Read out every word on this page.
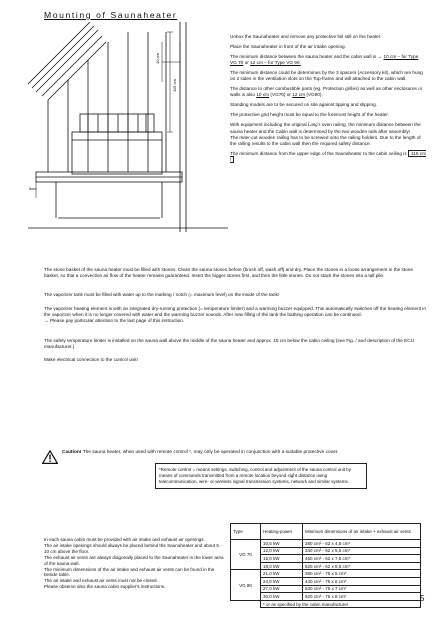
Mounting of Saunaheater
10 cm
115 cm
5cm

Unbox the Saunaheater and remove any protective foil still on the heater.

Place the Saunaheater in front of the air intake opening.

The minimum distance between the sauna heater and the cabin wall is → 10 cm – for Type VG 70 or 12 cm – for Type VG 90.

The minimum distance could be determines by the 3 spacers (Accessory kit), which are hung on 2 sides in the ventilation slots on the Top-frame and will attached to the cabin wall.

The distance to other combustible parts (eg. Protection grilles) as well as other enclosures or walls is also 10 cm (VG70) or 12 cm (VG90).

Standing models are to be secured on site against tipping and slipping.

The protective grid height must be equal to the foremost height of the heater.

With equipment including the original Lang's oven railing, the minimum distance between the sauna heater and the Cabin wall is determined by the two wooden rails after assembly!
The miter-cut wooden railing has to be screwed onto the railing holders. Due to the length of the railing results to the cabin wall then the required safety distance.

The minimum distance from the upper edge of the Saunaheater to the cabin ceiling is 115 cm !

The stone basket of the sauna heater must be filled with stones. Clean the sauna stones before (brush off, wash off) and dry. Place the stones in a loose arrangement in the stone basket, so that a convection air flow of the heater remains guaranteed. Insert the bigger stones first, and then the little stones. Do not stack the stones into a tall pile.
The vaporizer tank must be filled with water up to the marking / notch (= maximum level) on the inside of the tank!
The vaporizer heating element is with an integrated dry-running protection (= temperature limiter) and a warming buzzer equipped. This automatically switches off the heating element in the vaporizer when it is no longer covered with water and the warming buzzer sounds. After new filling of the tank the bathing operation can be continued.
→ Please pay particular attention to the last page of this instruction.
The safety temperature limiter is installed on the sauna wall above the middle of the sauna heater and approx. 15 cm below the cabin ceiling (see Fig. / and description of the ECU manufacturer.)
Make electrical connection to the control unit!
Caution! The sauna heater, when used with remote control *, may only be operated in conjunction with a suitable protective cover.
*Remote control = means settings, switching, control and adjustment of the sauna control unit by means of commands transmitted from a remote location beyond sight distance using telecommunication, wire- or wireless signal transmission systems, network and similar systems.
In each sauna cabin must be provided with air intake and exhaust air openings.
The air intake openings should always be placed behind the Saunaheater and about 5 - 10 cm above the floor.
The exhaust air vents are always diagonally placed to the Saunaheater in the lower area of the sauna wall.
The minimum dimensions of the air intake and exhaust air vents can be found in the beside table.
The air intake and exhaust air vents must not be closed.
Please observe also the sauna cabin supplier's instructions.
Type	Heating-power	Minimum dimensions of air intake + exhaust air vents
VG 70	10,5 kW	280 cm² - 62 x 4,5 cm*
	12,0 kW	340 cm² - 62 x 5,5 cm*
	15,0 kW	460 cm² - 62 x 7,5 cm*
	18,0 kW	520 cm² - 62 x 8,5 cm*
VG 90	21,0 kW	380 cm² - 75 x 5 cm*
	24,0 kW	440 cm² - 75 x 6 cm*
	27,0 kW	530 cm² - 75 x 7 cm*
	30,0 kW	620 cm² - 75 x 8 cm*
	* or as specified by the cabin manufacturer	
5
